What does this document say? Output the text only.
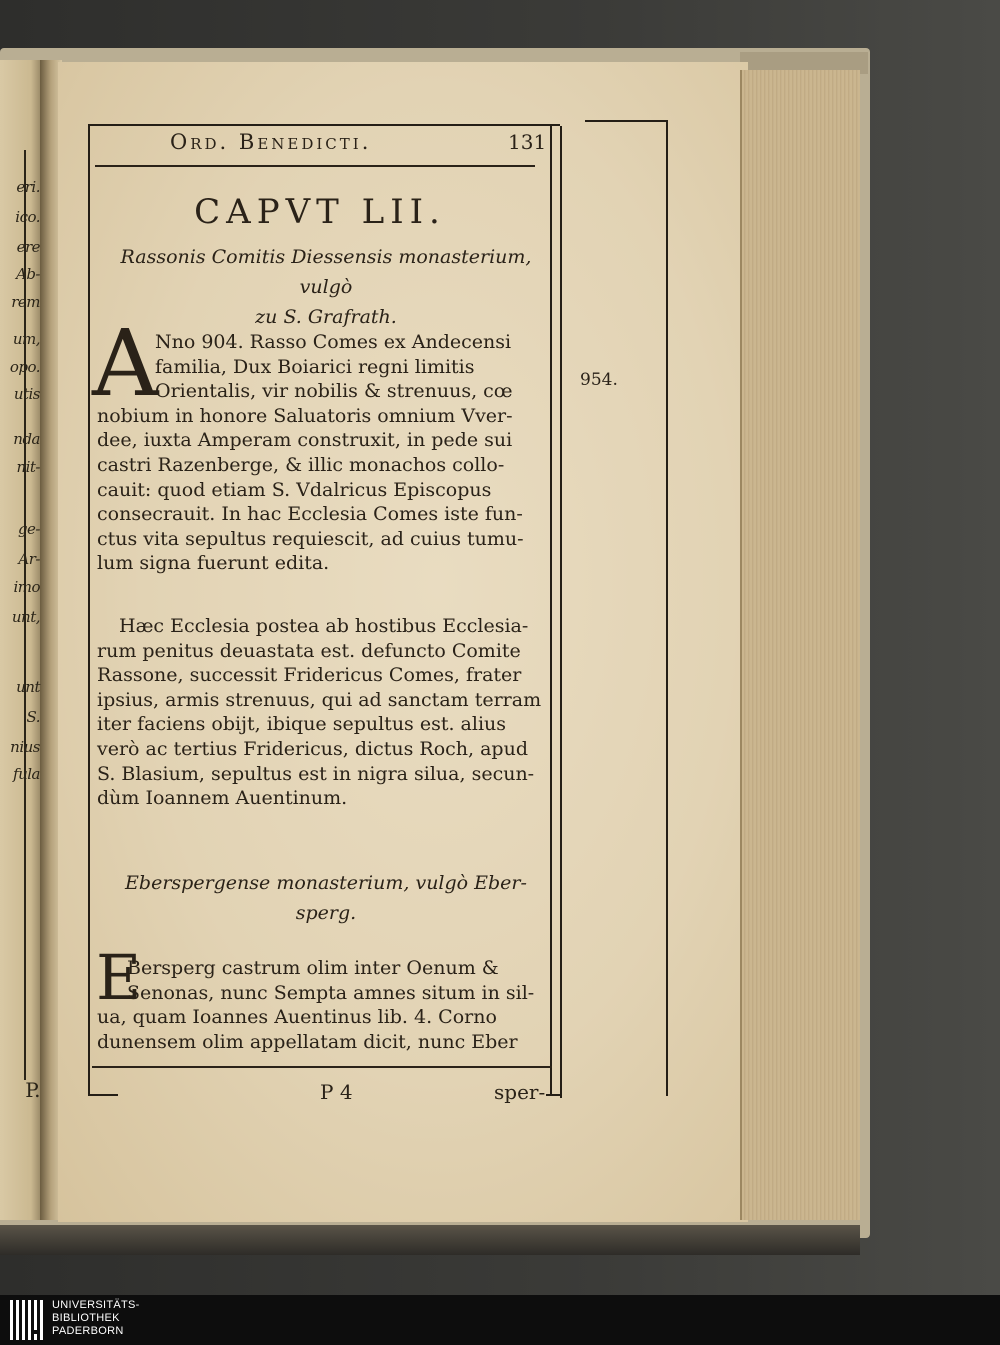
eri.
ico.
ere
Ab-
rem
um,
opo.
utis
nda
nit-
ge-
Ar-
imo
unt,
unt
S.
nius
fula
P.
Ord. Benedicti.	131
CAPVT LII.
Rassonis Comitis Diessensis monasterium, vulgò
zu S. Grafrath.
A
Nno 904. Rasso Comes ex Andecensi
familia, Dux Boiarici regni limitis
Orientalis, vir nobilis & strenuus, cœ
nobium in honore Saluatoris omnium Vver-
dee, iuxta Amperam construxit, in pede sui
castri Razenberge, & illic monachos collo-
cauit: quod etiam S. Vdalricus Episcopus
consecrauit. In hac Ecclesia Comes iste fun-
ctus vita sepultus requiescit, ad cuius tumu-
lum signa fuerunt edita.
Hæc Ecclesia postea ab hostibus Ecclesia-
rum penitus deuastata est. defuncto Comite
Rassone, successit Fridericus Comes, frater
ipsius, armis strenuus, qui ad sanctam terram
iter faciens obijt, ibique sepultus est. alius
verò ac tertius Fridericus, dictus Roch, apud
S. Blasium, sepultus est in nigra silua, secun-
dùm Ioannem Auentinum.
Eberspergense monasterium, vulgò Eber-
sperg.
E
Bersperg castrum olim inter Oenum &
Senonas, nunc Sempta amnes situm in sil-
ua, quam Ioannes Auentinus lib. 4. Corno
dunensem olim appellatam dicit, nunc Eber
954.
P 4	sper-
UNIVERSITÄTS-
BIBLIOTHEK
PADERBORN
